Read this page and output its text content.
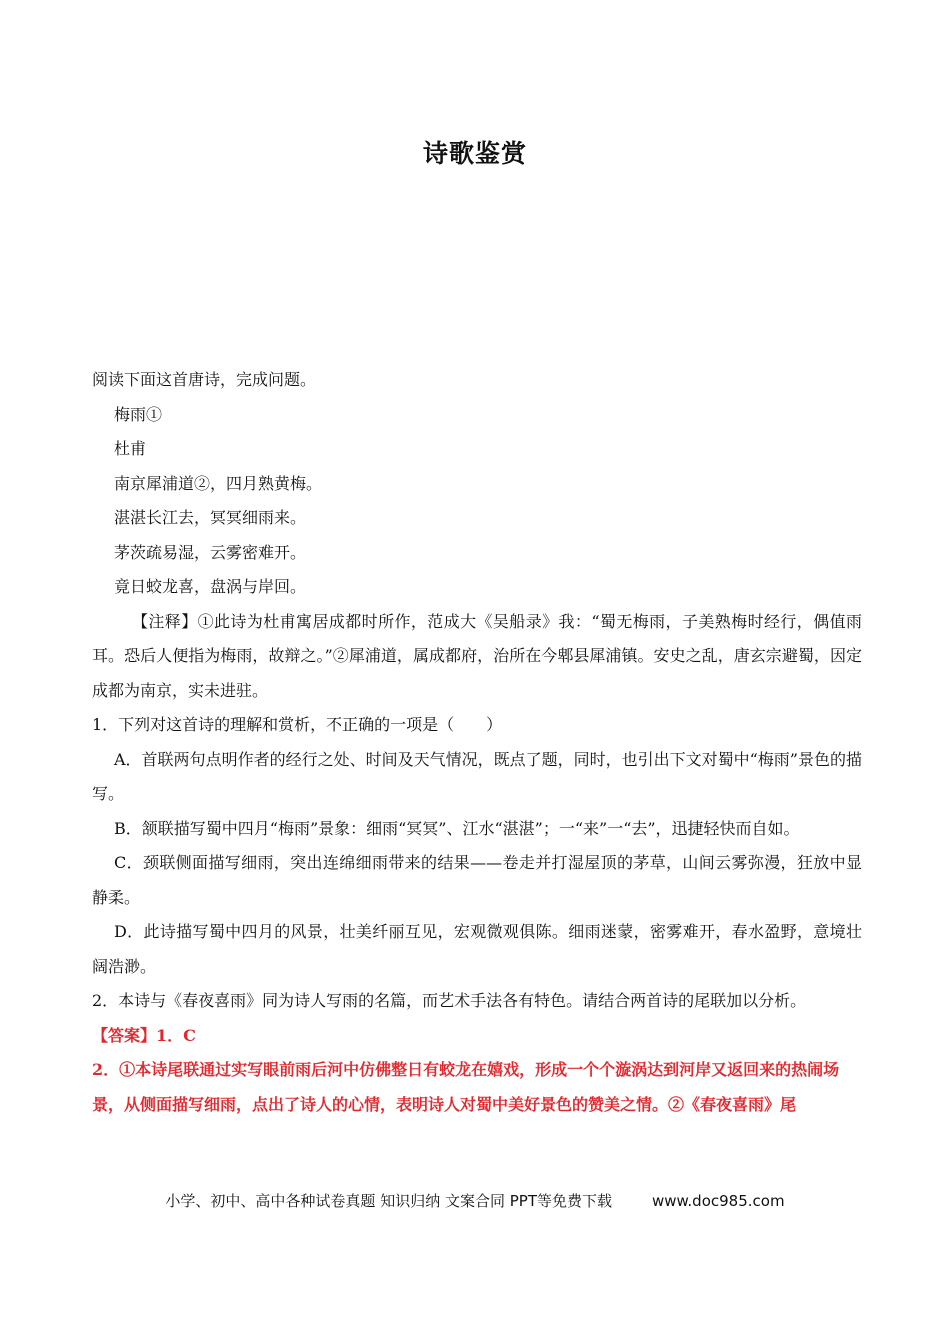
诗歌鉴赏

阅读下面这首唐诗，完成问题。

梅雨①

杜甫

南京犀浦道②，四月熟黄梅。

湛湛长江去，冥冥细雨来。

茅茨疏易湿，云雾密难开。

竟日蛟龙喜，盘涡与岸回。

【注释】①此诗为杜甫寓居成都时所作，范成大《吴船录》我：“蜀无梅雨，子美熟梅时经行，偶值雨耳。恐后人便指为梅雨，故辩之。”②犀浦道，属成都府，治所在今郫县犀浦镇。安史之乱，唐玄宗避蜀，因定成都为南京，实未进驻。

1．下列对这首诗的理解和赏析，不正确的一项是（　　）

A．首联两句点明作者的经行之处、时间及天气情况，既点了题，同时，也引出下文对蜀中“梅雨”景色的描写。

B．颔联描写蜀中四月“梅雨”景象：细雨“冥冥”、江水“湛湛”；一“来”一“去”，迅捷轻快而自如。

C．颈联侧面描写细雨，突出连绵细雨带来的结果——卷走并打湿屋顶的茅草，山间云雾弥漫，狂放中显静柔。

D．此诗描写蜀中四月的风景，壮美纤丽互见，宏观微观俱陈。细雨迷蒙，密雾难开，春水盈野，意境壮阔浩渺。

2．本诗与《春夜喜雨》同为诗人写雨的名篇，而艺术手法各有特色。请结合两首诗的尾联加以分析。

【答案】1．C

2．①本诗尾联通过实写眼前雨后河中仿佛整日有蛟龙在嬉戏，形成一个个漩涡达到河岸又返回来的热闹场景，从侧面描写细雨，点出了诗人的心情，表明诗人对蜀中美好景色的赞美之情。②《春夜喜雨》尾

小学、初中、高中各种试卷真题 知识归纳 文案合同 PPT等免费下载	www.doc985.com
